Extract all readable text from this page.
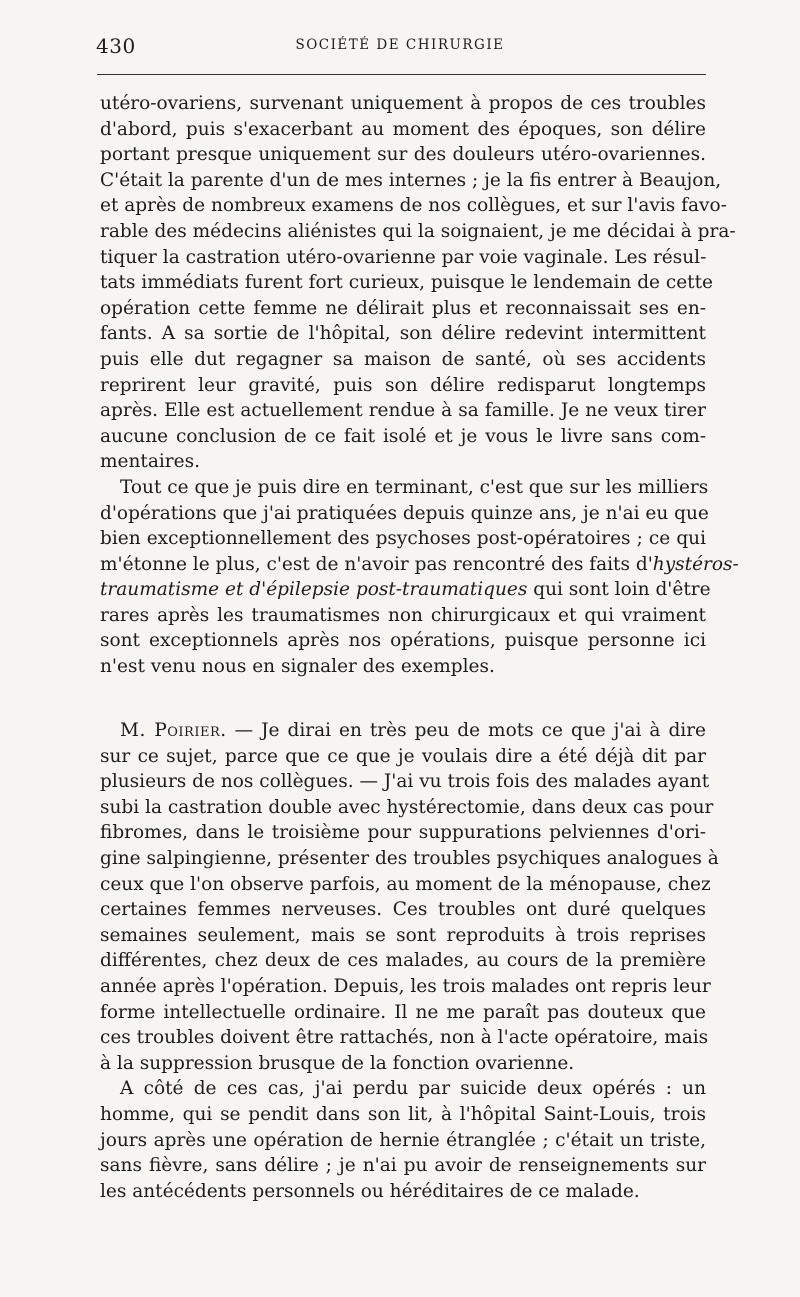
430	SOCIÉTÉ DE CHIRURGIE
utéro-ovariens, survenant uniquement à propos de ces troubles
d'abord, puis s'exacerbant au moment des époques, son délire
portant presque uniquement sur des douleurs utéro-ovariennes.
C'était la parente d'un de mes internes ; je la fis entrer à Beaujon,
et après de nombreux examens de nos collègues, et sur l'avis favo-
rable des médecins aliénistes qui la soignaient, je me décidai à pra-
tiquer la castration utéro-ovarienne par voie vaginale. Les résul-
tats immédiats furent fort curieux, puisque le lendemain de cette
opération cette femme ne délirait plus et reconnaissait ses en-
fants. A sa sortie de l'hôpital, son délire redevint intermittent
puis elle dut regagner sa maison de santé, où ses accidents
reprirent leur gravité, puis son délire redisparut longtemps
après. Elle est actuellement rendue à sa famille. Je ne veux tirer
aucune conclusion de ce fait isolé et je vous le livre sans com-
mentaires.
Tout ce que je puis dire en terminant, c'est que sur les milliers
d'opérations que j'ai pratiquées depuis quinze ans, je n'ai eu que
bien exceptionnellement des psychoses post-opératoires ; ce qui
m'étonne le plus, c'est de n'avoir pas rencontré des faits d'hystéros-
traumatisme et d'épilepsie post-traumatiques qui sont loin d'être
rares après les traumatismes non chirurgicaux et qui vraiment
sont exceptionnels après nos opérations, puisque personne ici
n'est venu nous en signaler des exemples.
M. Poirier. — Je dirai en très peu de mots ce que j'ai à dire
sur ce sujet, parce que ce que je voulais dire a été déjà dit par
plusieurs de nos collègues. — J'ai vu trois fois des malades ayant
subi la castration double avec hystérectomie, dans deux cas pour
fibromes, dans le troisième pour suppurations pelviennes d'ori-
gine salpingienne, présenter des troubles psychiques analogues à
ceux que l'on observe parfois, au moment de la ménopause, chez
certaines femmes nerveuses. Ces troubles ont duré quelques
semaines seulement, mais se sont reproduits à trois reprises
différentes, chez deux de ces malades, au cours de la première
année après l'opération. Depuis, les trois malades ont repris leur
forme intellectuelle ordinaire. Il ne me paraît pas douteux que
ces troubles doivent être rattachés, non à l'acte opératoire, mais
à la suppression brusque de la fonction ovarienne.
A côté de ces cas, j'ai perdu par suicide deux opérés : un
homme, qui se pendit dans son lit, à l'hôpital Saint-Louis, trois
jours après une opération de hernie étranglée ; c'était un triste,
sans fièvre, sans délire ; je n'ai pu avoir de renseignements sur
les antécédents personnels ou héréditaires de ce malade.
